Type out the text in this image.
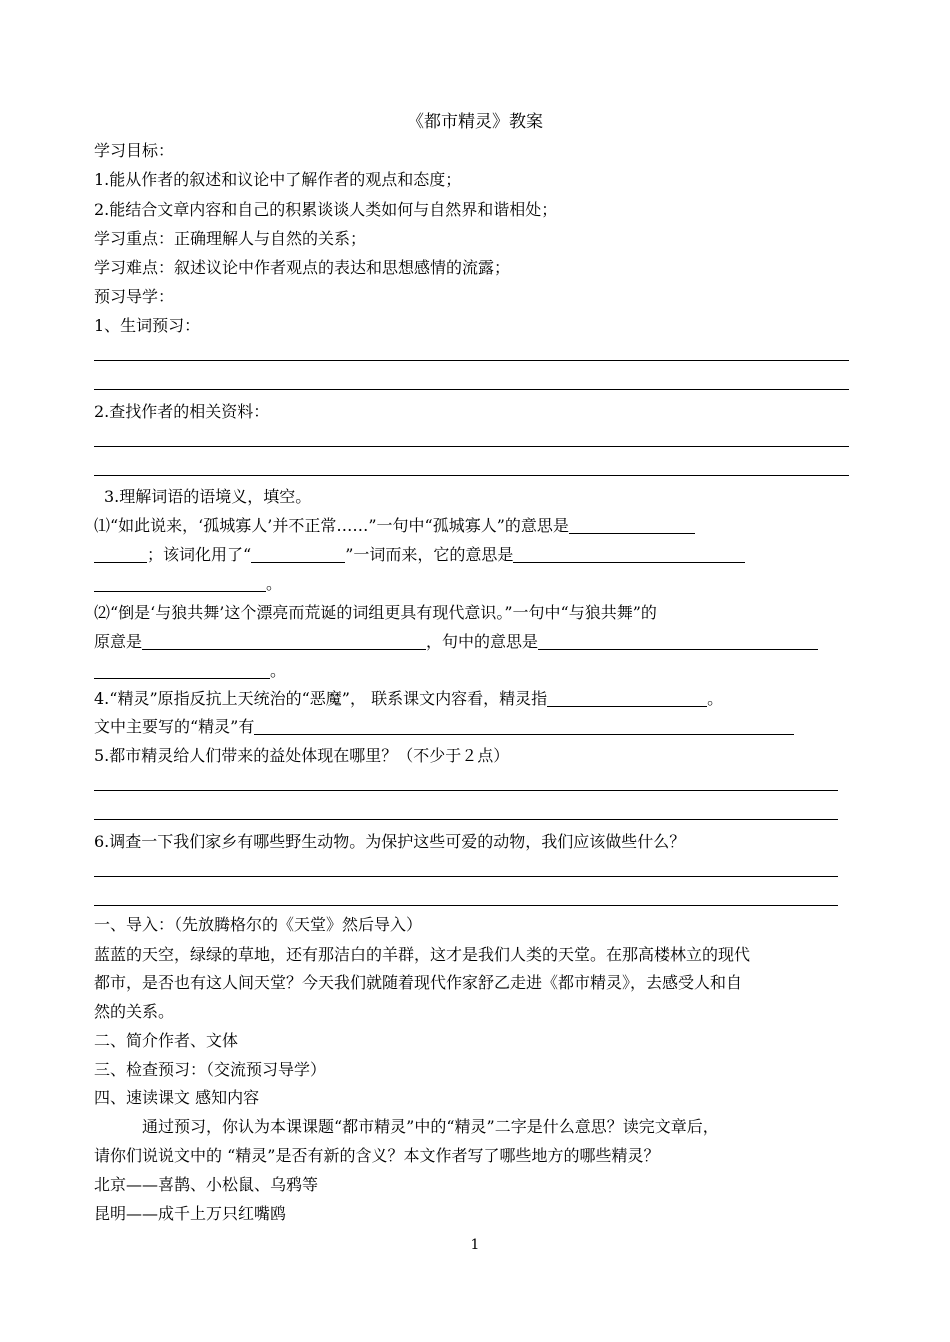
《都市精灵》教案
学习目标：
1.能从作者的叙述和议论中了解作者的观点和态度；
2.能结合文章内容和自己的积累谈谈人类如何与自然界和谐相处；
学习重点：正确理解人与自然的关系；
学习难点：叙述议论中作者观点的表达和思想感情的流露；
预习导学：
1、生词预习：
2.查找作者的相关资料：
3.理解词语的语境义，填空。
⑴“如此说来，‘孤城寡人’并不正常……”一句中“孤城寡人”的意思是
；该词化用了“	”一词而来，它的意思是
。
⑵“倒是‘与狼共舞’这个漂亮而荒诞的词组更具有现代意识。”一句中“与狼共舞”的
原意是	，句中的意思是
。
4.“精灵”原指反抗上天统治的“恶魔”， 联系课文内容看，精灵指	。
文中主要写的“精灵”有
5.都市精灵给人们带来的益处体现在哪里？（不少于２点）
6.调查一下我们家乡有哪些野生动物。为保护这些可爱的动物，我们应该做些什么？
一、导入：（先放腾格尔的《天堂》然后导入）
蓝蓝的天空，绿绿的草地，还有那洁白的羊群，这才是我们人类的天堂。在那高楼林立的现代
都市，是否也有这人间天堂？今天我们就随着现代作家舒乙走进《都市精灵》，去感受人和自
然的关系。
二、简介作者、文体
三、检查预习：（交流预习导学）
四、速读课文 感知内容
通过预习，你认为本课课题“都市精灵”中的“精灵”二字是什么意思？读完文章后，
请你们说说文中的 “精灵”是否有新的含义？本文作者写了哪些地方的哪些精灵？
北京——喜鹊、小松鼠、乌鸦等
昆明——成千上万只红嘴鸥
1
